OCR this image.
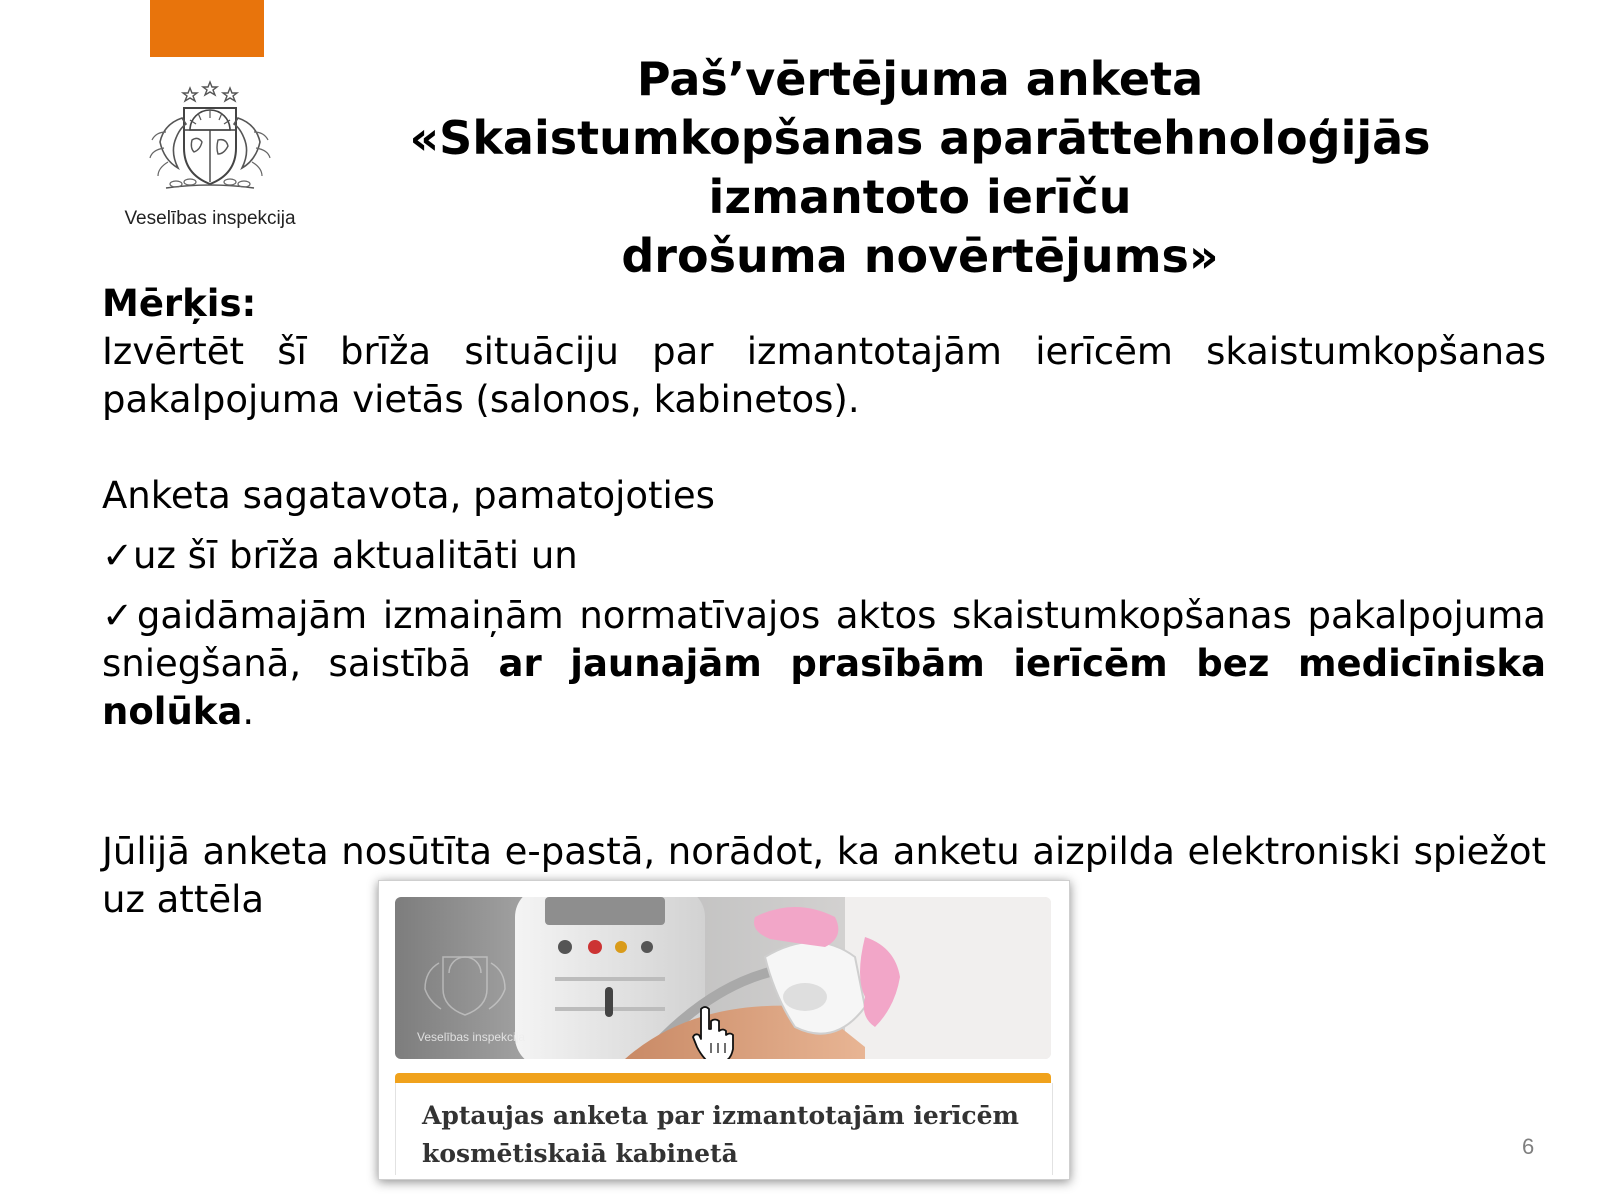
Veselības inspekcija
Paš’vērtējuma anketa
«Skaistumkopšanas aparāttehnoloģijās
izmantoto ierīču
drošuma novērtējums»

Mērķis:

Izvērtēt šī brīža situāciju par izmantotajām ierīcēm skaistumkopšanas pakalpojuma vietās (salonos, kabinetos).

Anketa sagatavota, pamatojoties

✓uz šī brīža aktualitāti un

✓gaidāmajām izmaiņām normatīvajos aktos skaistumkopšanas pakalpojuma sniegšanā, saistībā ar jaunajām prasībām ierīcēm bez medicīniska nolūka.

Jūlijā anketa nosūtīta e-pastā, norādot, ka anketu aizpilda elektroniski spiežot uz attēla

Veselības inspekcija
Aptaujas anketa par izmantotajām ierīcēm
kosmētiskaiā kabinetā	6
